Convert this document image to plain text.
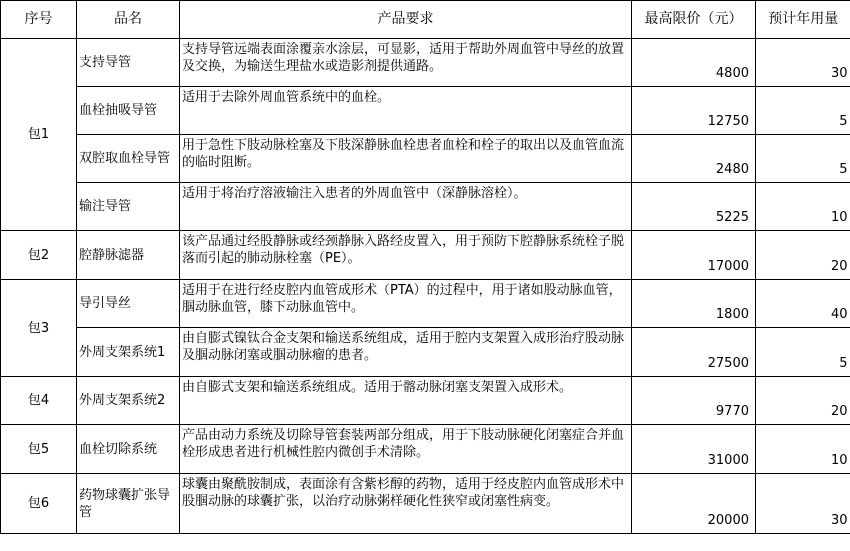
序号	品名	产品要求	最高限价（元）	预计年用量
包1	支持导管	支持导管远端表面涂覆亲水涂层，可显影，适用于帮助外周血管中导丝的放置及交换，为输送生理盐水或造影剂提供通路。	4800	30
	血栓抽吸导管	适用于去除外周血管系统中的血栓。	12750	5
	双腔取血栓导管	用于急性下肢动脉栓塞及下肢深静脉血栓患者血栓和栓子的取出以及血管血流的临时阻断。	2480	5
	输注导管	适用于将治疗溶液输注入患者的外周血管中（深静脉溶栓）。	5225	10
包2	腔静脉滤器	该产品通过经股静脉或经颈静脉入路经皮置入，用于预防下腔静脉系统栓子脱落而引起的肺动脉栓塞（PE）。	17000	20
包3	导引导丝	适用于在进行经皮腔内血管成形术（PTA）的过程中，用于诸如股动脉血管，腘动脉血管，膝下动脉血管中。	1800	40
	外周支架系统1	由自膨式镍钛合金支架和输送系统组成，适用于腔内支架置入成形治疗股动脉及腘动脉闭塞或腘动脉瘤的患者。	27500	5
包4	外周支架系统2	由自膨式支架和输送系统组成。适用于髂动脉闭塞支架置入成形术。	9770	20
包5	血栓切除系统	产品由动力系统及切除导管套装两部分组成，用于下肢动脉硬化闭塞症合并血栓形成患者进行机械性腔内微创手术清除。	31000	10
包6	药物球囊扩张导管	球囊由聚酰胺制成，表面涂有含紫杉醇的药物，适用于经皮腔内血管成形术中股腘动脉的球囊扩张，以治疗动脉粥样硬化性狭窄或闭塞性病变。	20000	30
